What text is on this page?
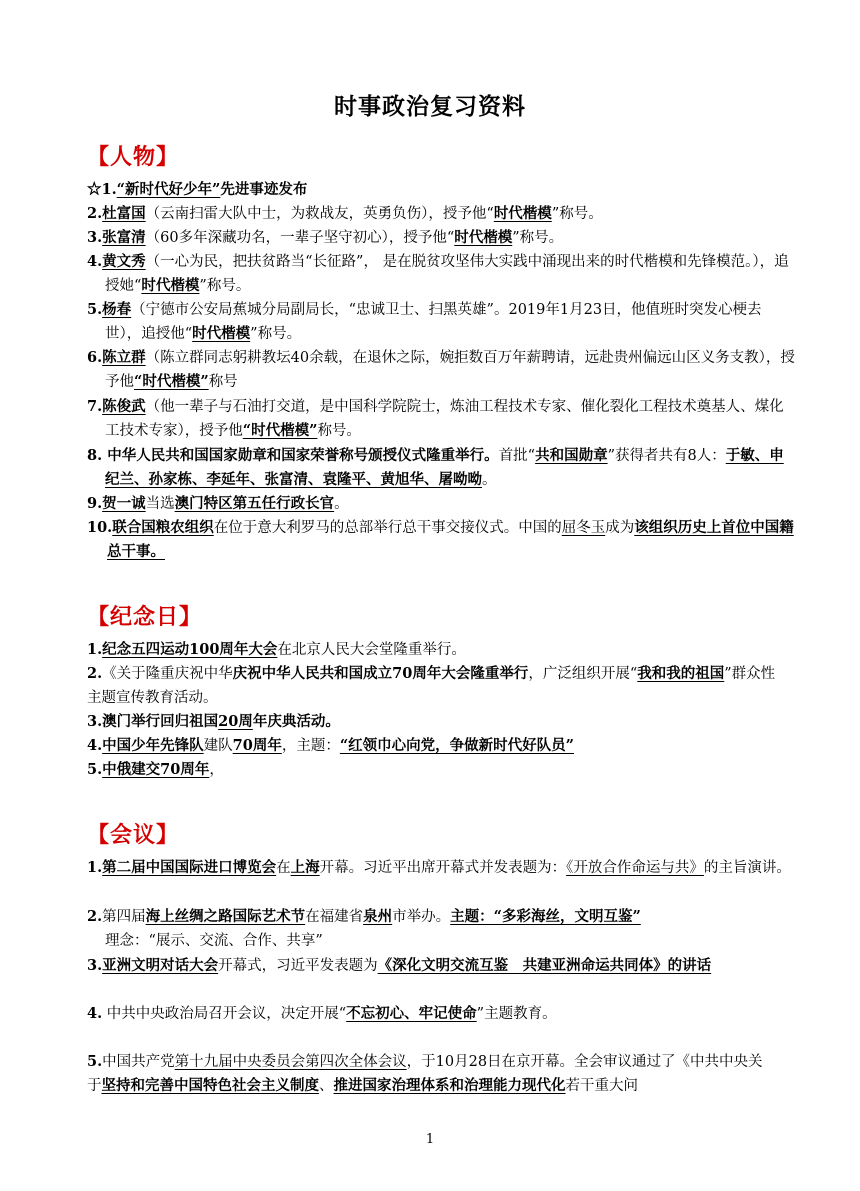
时事政治复习资料
【人物】
☆1.“新时代好少年”先进事迹发布
2.杜富国（云南扫雷大队中士，为救战友，英勇负伤），授予他“时代楷模”称号。
3.张富清（60多年深藏功名，一辈子坚守初心），授予他“时代楷模”称号。
4.黄文秀（一心为民，把扶贫路当“长征路”， 是在脱贫攻坚伟大实践中涌现出来的时代楷模和先锋模范。），追授她“时代楷模”称号。
5.杨春（宁德市公安局蕉城分局副局长，“忠诚卫士、扫黑英雄”。2019年1月23日，他值班时突发心梗去世），追授他“时代楷模”称号。
6.陈立群（陈立群同志躬耕教坛40余载，在退休之际，婉拒数百万年薪聘请，远赴贵州偏远山区义务支教），授予他“时代楷模”称号
7.陈俊武（他一辈子与石油打交道，是中国科学院院士，炼油工程技术专家、催化裂化工程技术奠基人、煤化工技术专家），授予他“时代楷模”称号。
8. 中华人民共和国国家勋章和国家荣誉称号颁授仪式隆重举行。首批“共和国勋章”获得者共有8人：于敏、申纪兰、孙家栋、李延年、张富清、袁隆平、黄旭华、屠呦呦。
9.贺一诚当选澳门特区第五任行政长官。
10.联合国粮农组织在位于意大利罗马的总部举行总干事交接仪式。中国的屈冬玉成为该组织历史上首位中国籍总干事。
【纪念日】
1.纪念五四运动100周年大会在北京人民大会堂隆重举行。
2.《关于隆重庆祝中华庆祝中华人民共和国成立70周年大会隆重举行，广泛组织开展“我和我的祖国”群众性主题宣传教育活动。
3.澳门举行回归祖国20周年庆典活动。
4.中国少年先锋队建队70周年，主题：“红领巾心向党，争做新时代好队员”
5.中俄建交70周年，
【会议】
1.第二届中国国际进口博览会在上海开幕。习近平出席开幕式并发表题为：《开放合作命运与共》的主旨演讲。
2.第四届海上丝绸之路国际艺术节在福建省泉州市举办。主题：“多彩海丝，文明互鉴”
理念：“展示、交流、合作、共享”
3.亚洲文明对话大会开幕式，习近平发表题为《深化文明交流互鉴　共建亚洲命运共同体》的讲话
4. 中共中央政治局召开会议，决定开展“不忘初心、牢记使命”主题教育。
5.中国共产党第十九届中央委员会第四次全体会议，于10月28日在京开幕。全会审议通过了《中共中央关于坚持和完善中国特色社会主义制度、推进国家治理体系和治理能力现代化若干重大问
1
